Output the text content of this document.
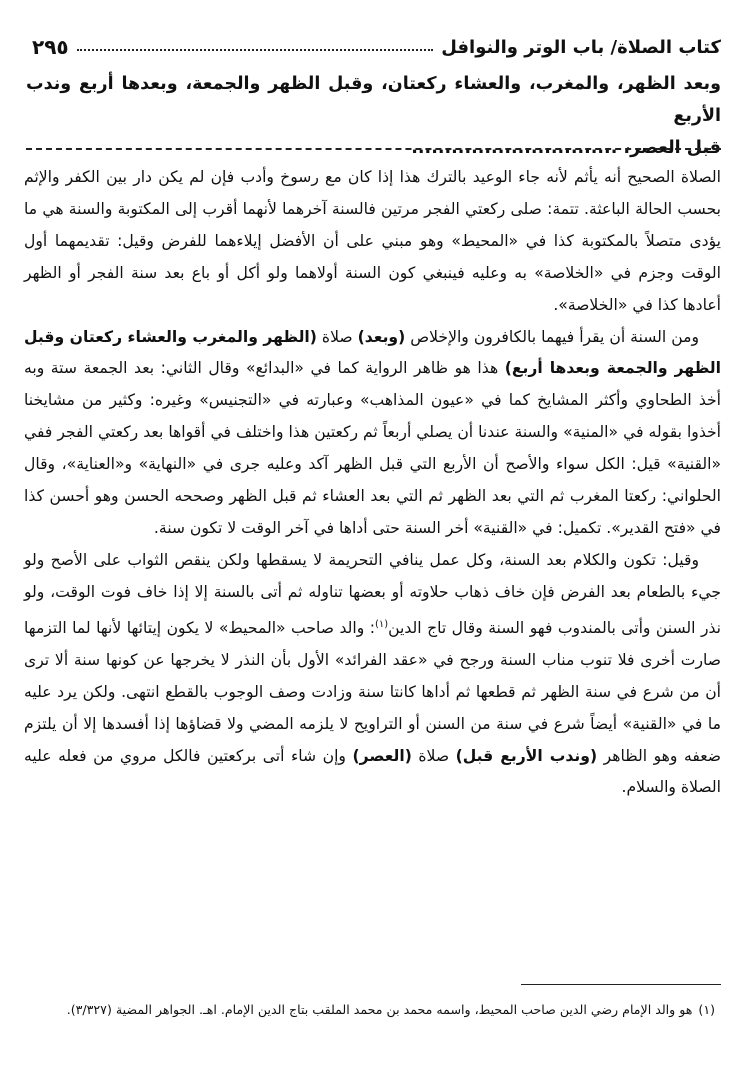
كتاب الصلاة/ باب الوتر والنوافل
٢٩٥
وبعد الظهر، والمغرب، والعشاء ركعتان، وقبل الظهر والجمعة، وبعدها أربع وندب الأربع
قبل العصر، ...............................

الصلاة الصحيح أنه يأثم لأنه جاء الوعيد بالترك هذا إذا كان مع رسوخ وأدب فإن لم يكن دار بين الكفر والإثم بحسب الحالة الباعثة. تتمة: صلى ركعتي الفجر مرتين فالسنة آخرهما لأنهما أقرب إلى المكتوبة والسنة هي ما يؤدى متصلاً بالمكتوبة كذا في «المحيط» وهو مبني على أن الأفضل إيلاءهما للفرض وقيل: تقديمهما أول الوقت وجزم في «الخلاصة» به وعليه فينبغي كون السنة أولاهما ولو أكل أو باع بعد سنة الفجر أو الظهر أعادها كذا في «الخلاصة».

ومن السنة أن يقرأ فيهما بالكافرون والإخلاص (وبعد) صلاة (الظهر والمغرب والعشاء ركعتان وقبل الظهر والجمعة وبعدها أربع) هذا هو ظاهر الرواية كما في «البدائع» وقال الثاني: بعد الجمعة ستة وبه أخذ الطحاوي وأكثر المشايخ كما في «عيون المذاهب» وعبارته في «التجنيس» وغيره: وكثير من مشايخنا أخذوا بقوله في «المنية» والسنة عندنا أن يصلي أربعاً ثم ركعتين هذا واختلف في أقواها بعد ركعتي الفجر ففي «القنية» قيل: الكل سواء والأصح أن الأربع التي قبل الظهر آكد وعليه جرى في «النهاية» و«العناية»، وقال الحلواني: ركعتا المغرب ثم التي بعد الظهر ثم التي بعد العشاء ثم قبل الظهر وصححه الحسن وهو أحسن كذا في «فتح القدير». تكميل: في «القنية» أخر السنة حتى أداها في آخر الوقت لا تكون سنة.

وقيل: تكون والكلام بعد السنة، وكل عمل ينافي التحريمة لا يسقطها ولكن ينقص الثواب على الأصح ولو جيء بالطعام بعد الفرض فإن خاف ذهاب حلاوته أو بعضها تناوله ثم أتى بالسنة إلا إذا خاف فوت الوقت، ولو نذر السنن وأتى بالمندوب فهو السنة وقال تاج الدين$^{(١)}$: والد صاحب «المحيط» لا يكون إيتائها لأنها لما التزمها صارت أخرى فلا تنوب مناب السنة ورجح في «عقد الفرائد» الأول بأن النذر لا يخرجها عن كونها سنة ألا ترى أن من شرع في سنة الظهر ثم قطعها ثم أداها كانتا سنة وزادت وصف الوجوب بالقطع انتهى. ولكن يرد عليه ما في «القنية» أيضاً شرع في سنة من السنن أو التراويح لا يلزمه المضي ولا قضاؤها إذا أفسدها إلا أن يلتزم ضعفه وهو الظاهر (وندب الأربع قبل) صلاة (العصر) وإن شاء أتى بركعتين فالكل مروي من فعله عليه الصلاة والسلام.

(١)هو والد الإمام رضي الدين صاحب المحيط، واسمه محمد بن محمد الملقب بتاج الدين الإمام. اهـ. الجواهر المضية (٣/٣٢٧).
